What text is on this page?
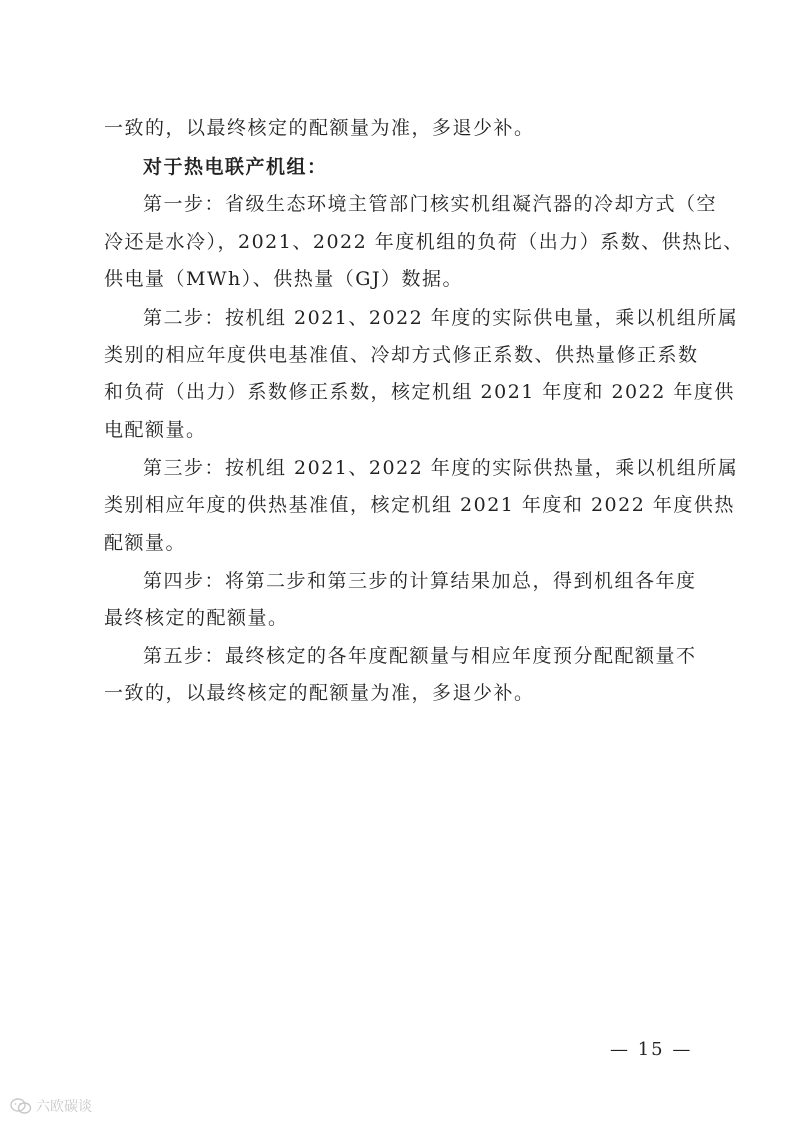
一致的，以最终核定的配额量为准，多退少补。
对于热电联产机组：
第一步：省级生态环境主管部门核实机组凝汽器的冷却方式（空
冷还是水冷），2021、2022 年度机组的负荷（出力）系数、供热比、
供电量（MWh）、供热量（GJ）数据。
第二步：按机组 2021、2022 年度的实际供电量，乘以机组所属
类别的相应年度供电基准值、冷却方式修正系数、供热量修正系数
和负荷（出力）系数修正系数，核定机组 2021 年度和 2022 年度供
电配额量。
第三步：按机组 2021、2022 年度的实际供热量，乘以机组所属
类别相应年度的供热基准值，核定机组 2021 年度和 2022 年度供热
配额量。
第四步：将第二步和第三步的计算结果加总，得到机组各年度
最终核定的配额量。
第五步：最终核定的各年度配额量与相应年度预分配配额量不
一致的，以最终核定的配额量为准，多退少补。
— 15 —
六欧碳谈
